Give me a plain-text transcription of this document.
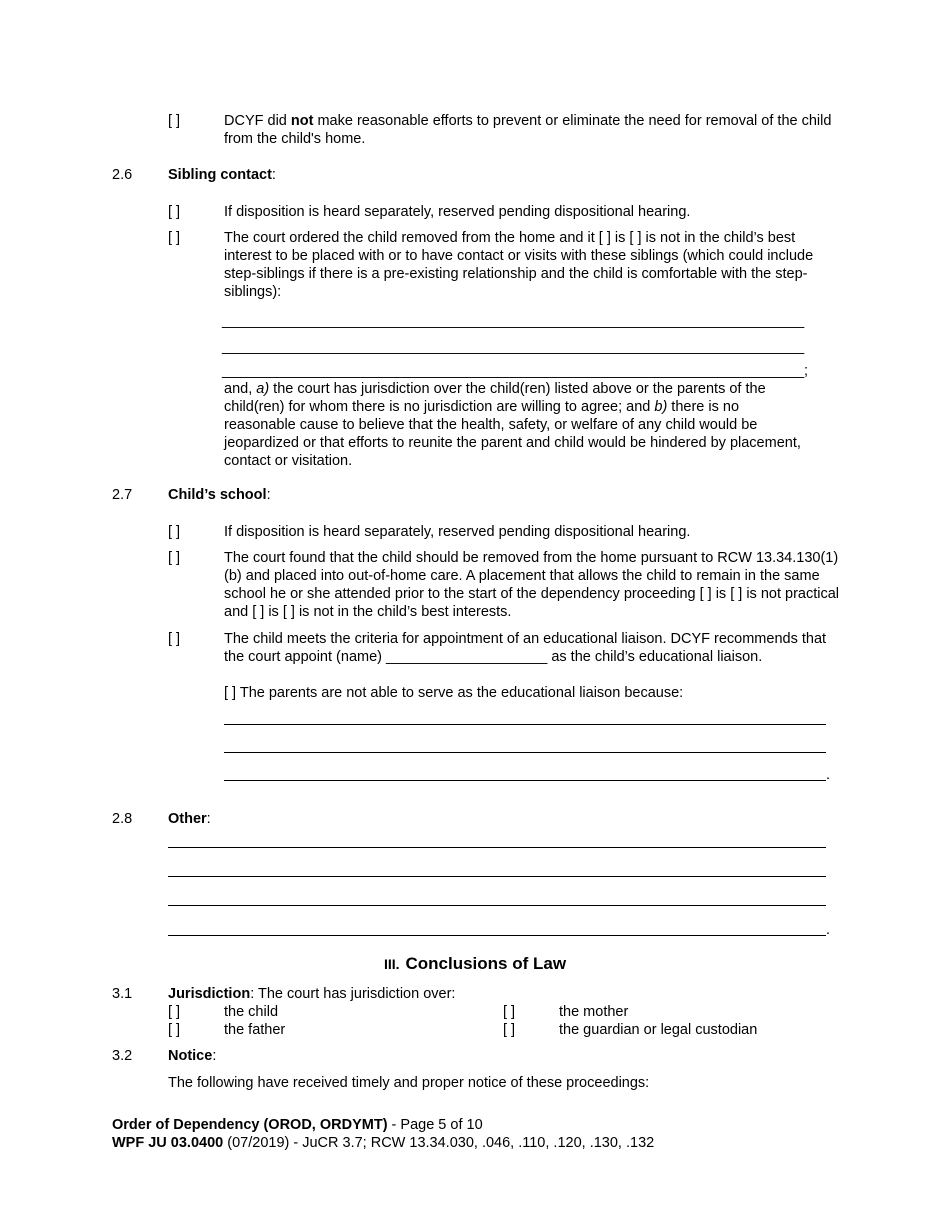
[ ]	DCYF did not make reasonable efforts to prevent or eliminate the need for removal of the child from the child's home.
2.6 Sibling contact:
[ ]	If disposition is heard separately, reserved pending dispositional hearing.
[ ]	The court ordered the child removed from the home and it [ ] is [ ] is not in the child’s best interest to be placed with or to have contact or visits with these siblings (which could include step-siblings if there is a pre-existing relationship and the child is comfortable with the step-siblings):
__________________________________________________________________________
__________________________________________________________________________
__________________________________________________________________________;
and, a) the court has jurisdiction over the child(ren) listed above or the parents of the child(ren) for whom there is no jurisdiction are willing to agree; and b) there is no reasonable cause to believe that the health, safety, or welfare of any child would be jeopardized or that efforts to reunite the parent and child would be hindered by placement, contact or visitation.
2.7 Child’s school:
[ ]	If disposition is heard separately, reserved pending dispositional hearing.
[ ]	The court found that the child should be removed from the home pursuant to RCW 13.34.130(1)(b) and placed into out-of-home care. A placement that allows the child to remain in the same school he or she attended prior to the start of the dependency proceeding [ ] is [ ] is not practical and [ ] is [ ] is not in the child’s best interests.
[ ]	The child meets the criteria for appointment of an educational liaison. DCYF recommends that the court appoint (name) ____________________ as the child’s educational liaison.
[ ] The parents are not able to serve as the educational liaison because:
.
2.8 Other:
.
III. Conclusions of Law
3.1 Jurisdiction: The court has jurisdiction over:
[ ]	the child	[ ]	the mother
[ ]	the father	[ ]	the guardian or legal custodian
3.2 Notice:
The following have received timely and proper notice of these proceedings:
Order of Dependency (OROD, ORDYMT) - Page 5 of 10
WPF JU 03.0400 (07/2019) - JuCR 3.7; RCW 13.34.030, .046, .110, .120, .130, .132
